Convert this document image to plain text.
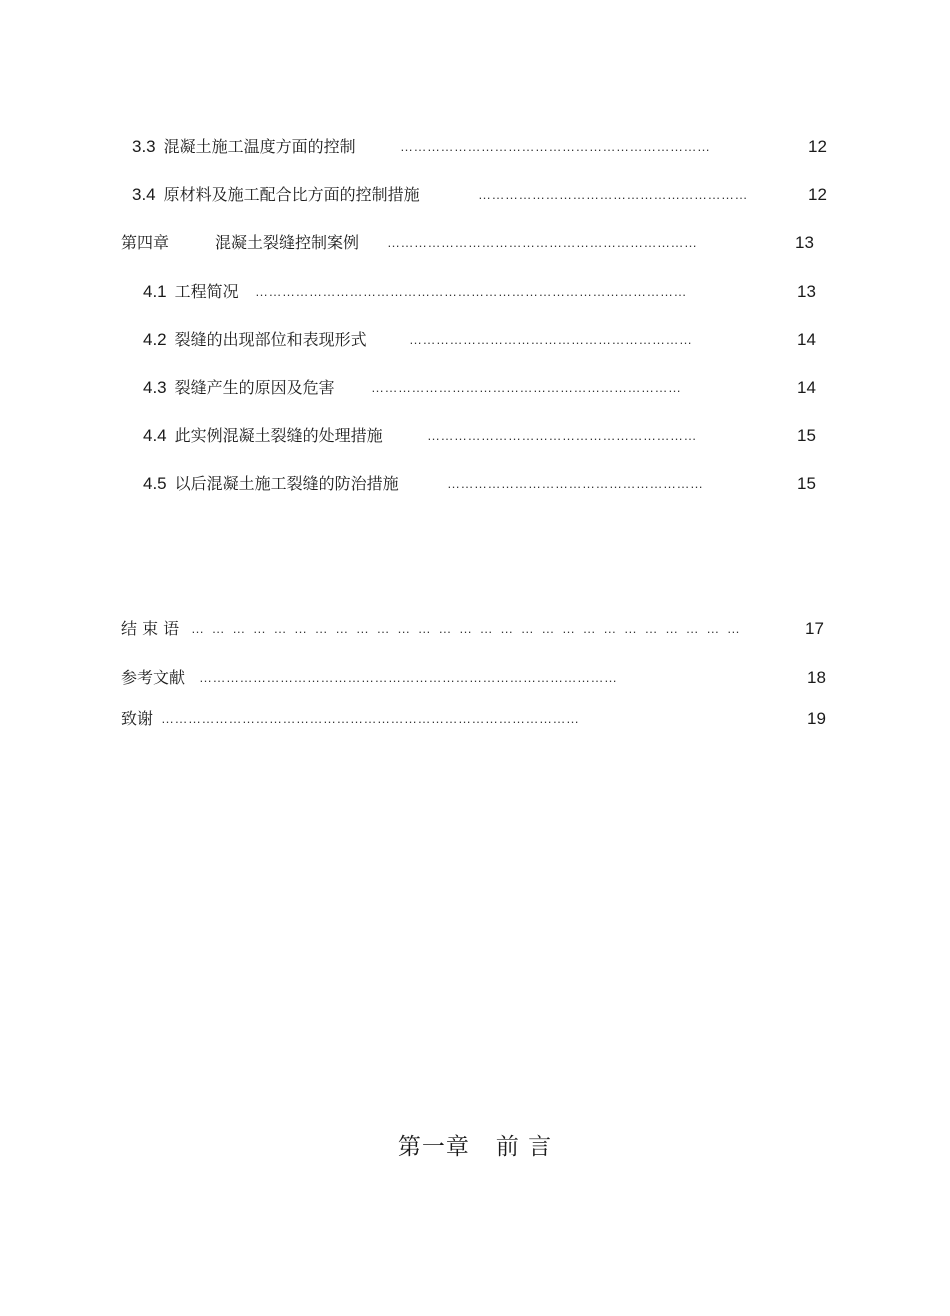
3.3 混凝土施工温度方面的控制	……………………………………………………………	12
3.4 原材料及施工配合比方面的控制措施	……………………………………………………	12
第四章	混凝土裂缝控制案例 ……………………………………………………………	13
4.1 工程简况 ……………………………………………………………………………………	13
4.2 裂缝的出现部位和表现形式	………………………………………………………	14
4.3 裂缝产生的原因及危害	……………………………………………………………	14
4.4 此实例混凝土裂缝的处理措施	……………………………………………………	15
4.5 以后混凝土施工裂缝的防治措施	…………………………………………………	15
结 束 语 … … … … … … … … … … … … … … … … … … … … … … … … … … …	17
参考文献 …………………………………………………………………………………	18
致谢 …………………………………………………………………………………	19
第一章 前 言
